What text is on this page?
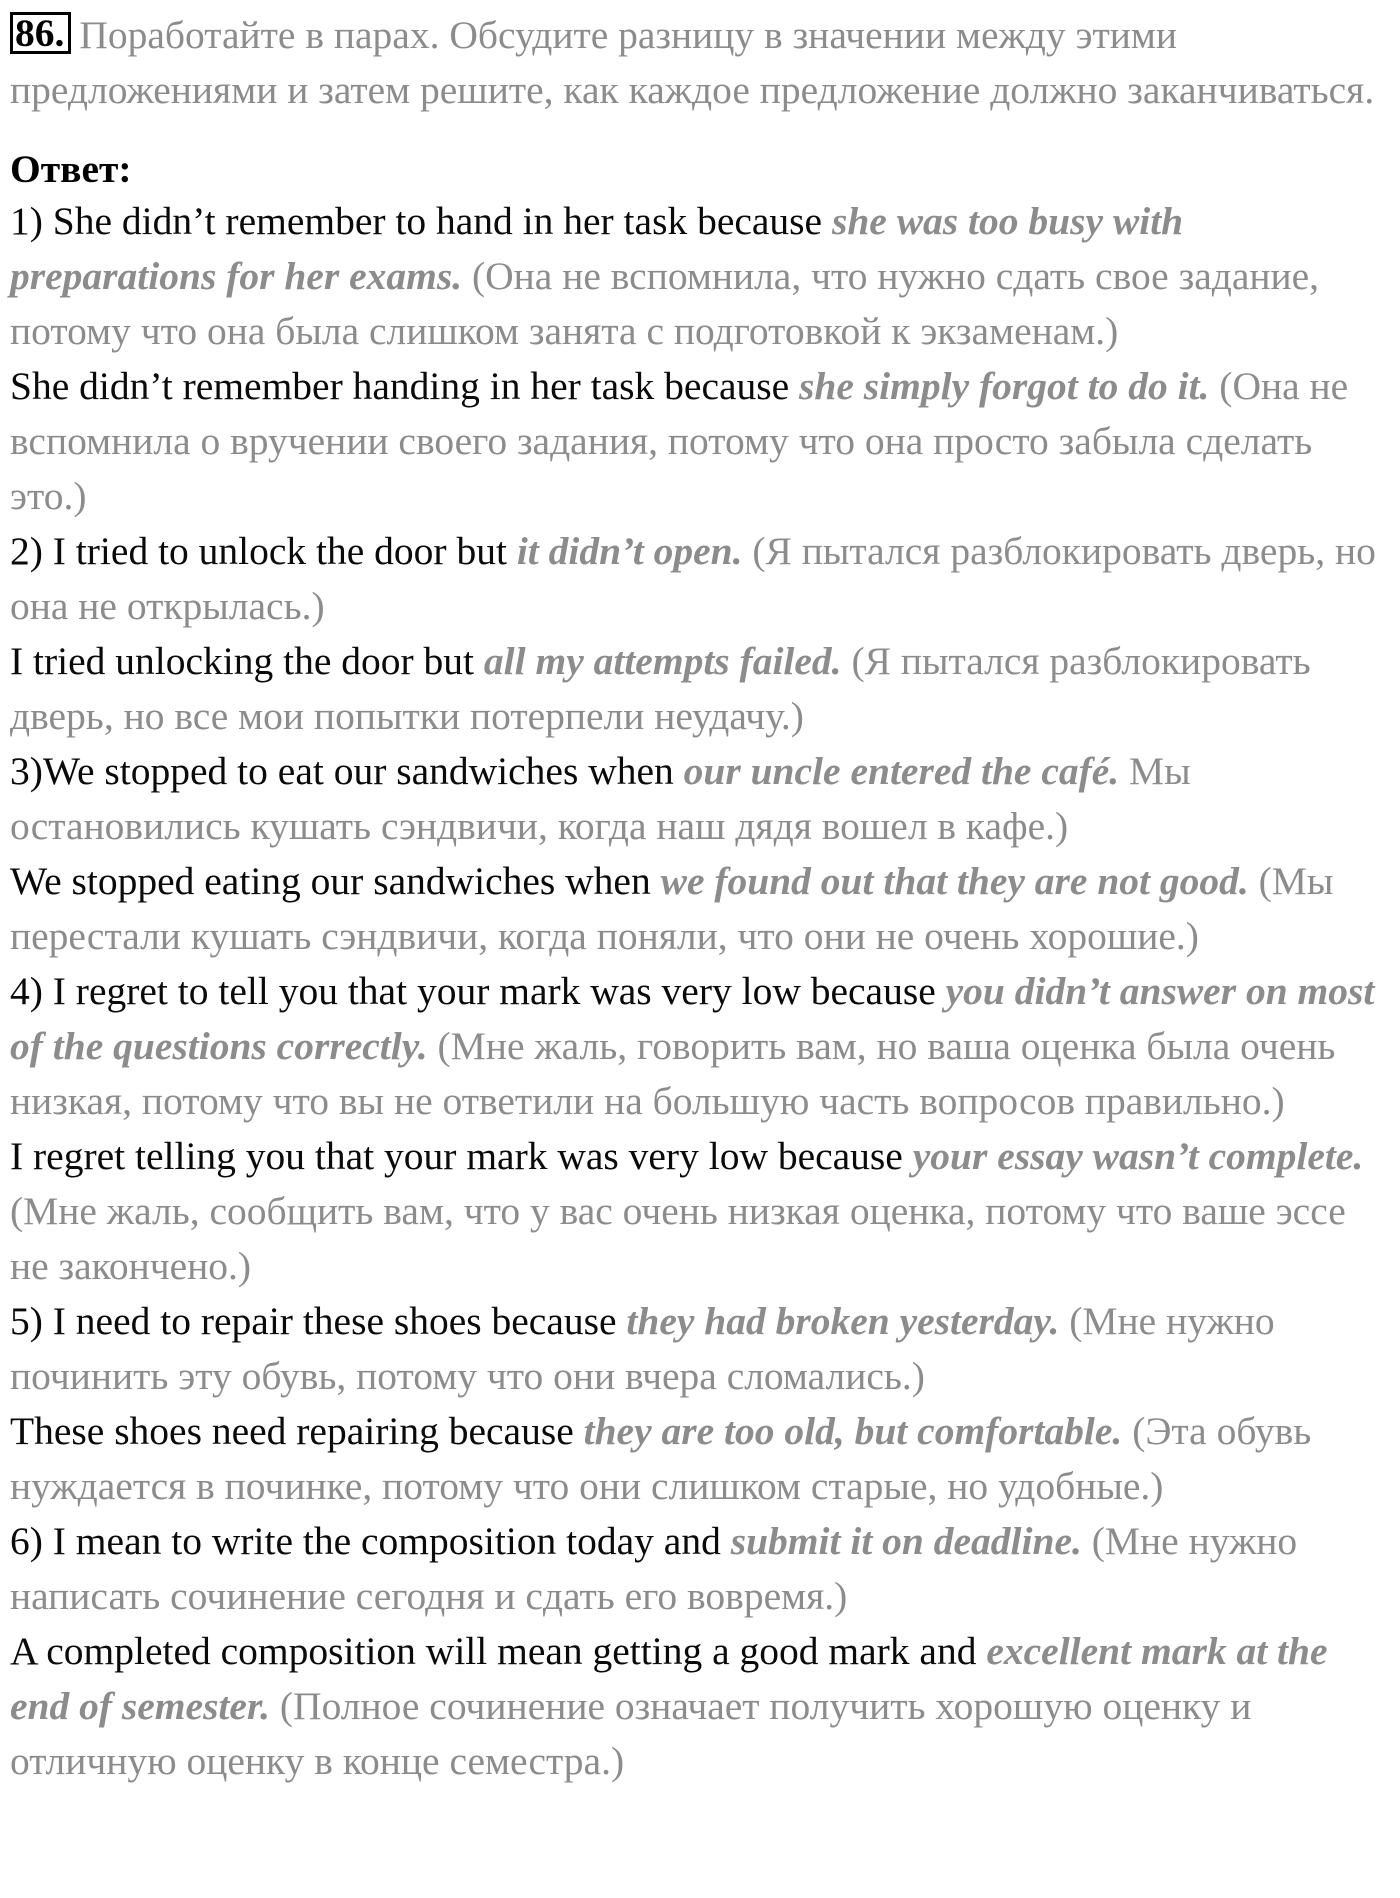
86. Поработайте в парах. Обсудите разницу в значении между этими предложениями и затем решите, как каждое предложение должно заканчиваться.
Ответ:

1) She didn’t remember to hand in her task because she was too busy with preparations for her exams. (Она не вспомнила, что нужно сдать свое задание, потому что она была слишком занята с подготовкой к экзаменам.)

She didn’t remember handing in her task because she simply forgot to do it. (Она не вспомнила о вручении своего задания, потому что она просто забыла сделать это.)

2) I tried to unlock the door but it didn’t open. (Я пытался разблокировать дверь, но она не открылась.)

I tried unlocking the door but all my attempts failed. (Я пытался разблокировать дверь, но все мои попытки потерпели неудачу.)

3)We stopped to eat our sandwiches when our uncle entered the café. Мы остановились кушать сэндвичи, когда наш дядя вошел в кафе.)

We stopped eating our sandwiches when we found out that they are not good. (Мы перестали кушать сэндвичи, когда поняли, что они не очень хорошие.)

4) I regret to tell you that your mark was very low because you didn’t answer on most of the questions correctly. (Мне жаль, говорить вам, но ваша оценка была очень низкая, потому что вы не ответили на большую часть вопросов правильно.)

I regret telling you that your mark was very low because your essay wasn’t complete. (Мне жаль, сообщить вам, что у вас очень низкая оценка, потому что ваше эссе не закончено.)

5) I need to repair these shoes because they had broken yesterday. (Мне нужно починить эту обувь, потому что они вчера сломались.)

These shoes need repairing because they are too old, but comfortable. (Эта обувь нуждается в починке, потому что они слишком старые, но удобные.)

6) I mean to write the composition today and submit it on deadline. (Мне нужно написать сочинение сегодня и сдать его вовремя.)

A completed composition will mean getting a good mark and excellent mark at the end of semester. (Полное сочинение означает получить хорошую оценку и отличную оценку в конце семестра.)
